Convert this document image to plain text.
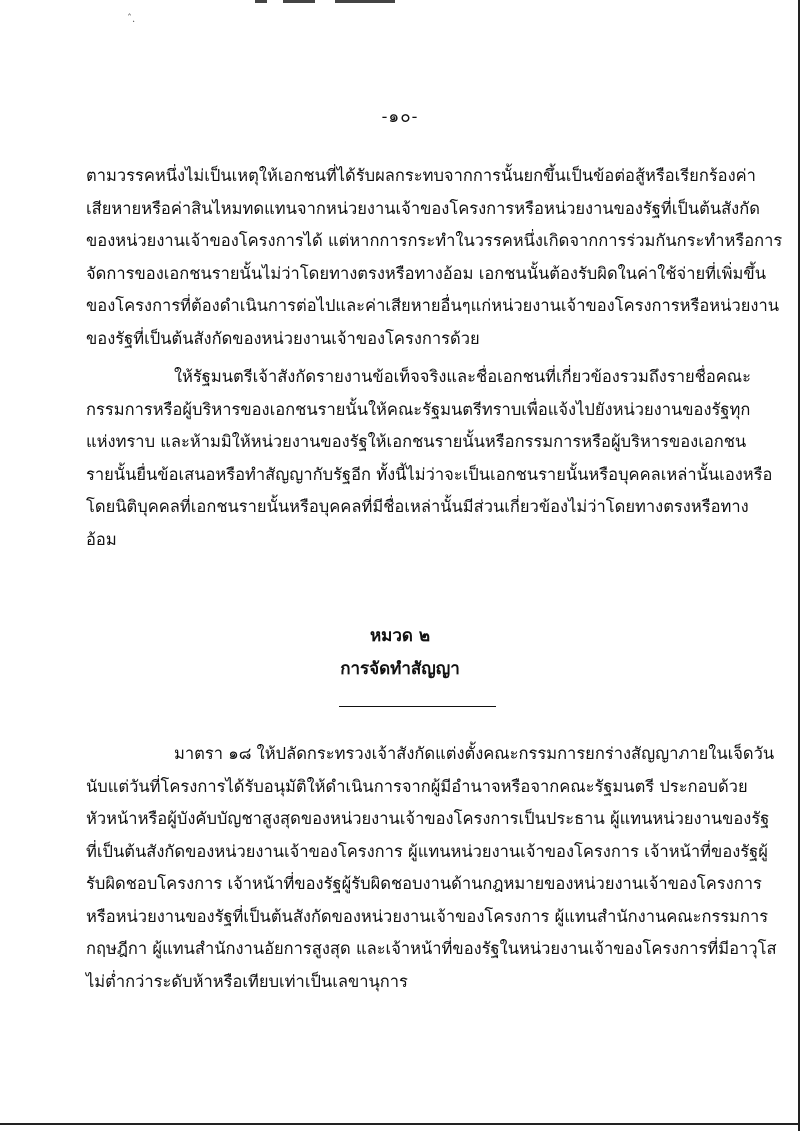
ˆ.
-๑๐-
ตามวรรคหนึ่งไม่เป็นเหตุให้เอกชนที่ได้รับผลกระทบจากการนั้นยกขึ้นเป็นข้อต่อสู้หรือเรียกร้องค่า
เสียหายหรือค่าสินไหมทดแทนจากหน่วยงานเจ้าของโครงการหรือหน่วยงานของรัฐที่เป็นต้นสังกัด
ของหน่วยงานเจ้าของโครงการได้ แต่หากการกระทำในวรรคหนึ่งเกิดจากการร่วมกันกระทำหรือการ
จัดการของเอกชนรายนั้นไม่ว่าโดยทางตรงหรือทางอ้อม เอกชนนั้นต้องรับผิดในค่าใช้จ่ายที่เพิ่มขึ้น
ของโครงการที่ต้องดำเนินการต่อไปและค่าเสียหายอื่นๆแก่หน่วยงานเจ้าของโครงการหรือหน่วยงาน
ของรัฐที่เป็นต้นสังกัดของหน่วยงานเจ้าของโครงการด้วย
ให้รัฐมนตรีเจ้าสังกัดรายงานข้อเท็จจริงและชื่อเอกชนที่เกี่ยวข้องรวมถึงรายชื่อคณะ
กรรมการหรือผู้บริหารของเอกชนรายนั้นให้คณะรัฐมนตรีทราบเพื่อแจ้งไปยังหน่วยงานของรัฐทุก
แห่งทราบ และห้ามมิให้หน่วยงานของรัฐให้เอกชนรายนั้นหรือกรรมการหรือผู้บริหารของเอกชน
รายนั้นยื่นข้อเสนอหรือทำสัญญากับรัฐอีก ทั้งนี้ไม่ว่าจะเป็นเอกชนรายนั้นหรือบุคคลเหล่านั้นเองหรือ
โดยนิติบุคคลที่เอกชนรายนั้นหรือบุคคลที่มีชื่อเหล่านั้นมีส่วนเกี่ยวข้องไม่ว่าโดยทางตรงหรือทาง
อ้อม
หมวด ๒
การจัดทำสัญญา
มาตรา ๑๘ ให้ปลัดกระทรวงเจ้าสังกัดแต่งตั้งคณะกรรมการยกร่างสัญญาภายในเจ็ดวัน
นับแต่วันที่โครงการได้รับอนุมัติให้ดำเนินการจากผู้มีอำนาจหรือจากคณะรัฐมนตรี ประกอบด้วย
หัวหน้าหรือผู้บังคับบัญชาสูงสุดของหน่วยงานเจ้าของโครงการเป็นประธาน ผู้แทนหน่วยงานของรัฐ
ที่เป็นต้นสังกัดของหน่วยงานเจ้าของโครงการ ผู้แทนหน่วยงานเจ้าของโครงการ เจ้าหน้าที่ของรัฐผู้
รับผิดชอบโครงการ เจ้าหน้าที่ของรัฐผู้รับผิดชอบงานด้านกฎหมายของหน่วยงานเจ้าของโครงการ
หรือหน่วยงานของรัฐที่เป็นต้นสังกัดของหน่วยงานเจ้าของโครงการ ผู้แทนสำนักงานคณะกรรมการ
กฤษฎีกา ผู้แทนสำนักงานอัยการสูงสุด และเจ้าหน้าที่ของรัฐในหน่วยงานเจ้าของโครงการที่มีอาวุโส
ไม่ต่ำกว่าระดับห้าหรือเทียบเท่าเป็นเลขานุการ
